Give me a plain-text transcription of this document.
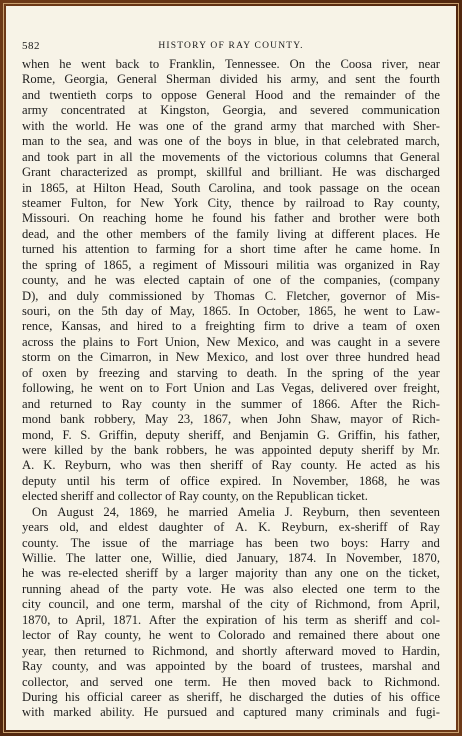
582	HISTORY OF RAY COUNTY.
when he went back to Franklin, Tennessee. On the Coosa river, near
Rome, Georgia, General Sherman divided his army, and sent the fourth
and twentieth corps to oppose General Hood and the remainder of the
army concentrated at Kingston, Georgia, and severed communication
with the world. He was one of the grand army that marched with Sher-
man to the sea, and was one of the boys in blue, in that celebrated march,
and took part in all the movements of the victorious columns that General
Grant characterized as prompt, skillful and brilliant. He was discharged
in 1865, at Hilton Head, South Carolina, and took passage on the ocean
steamer Fulton, for New York City, thence by railroad to Ray county,
Missouri. On reaching home he found his father and brother were both
dead, and the other members of the family living at different places. He
turned his attention to farming for a short time after he came home. In
the spring of 1865, a regiment of Missouri militia was organized in Ray
county, and he was elected captain of one of the companies, (company
D), and duly commissioned by Thomas C. Fletcher, governor of Mis-
souri, on the 5th day of May, 1865. In October, 1865, he went to Law-
rence, Kansas, and hired to a freighting firm to drive a team of oxen
across the plains to Fort Union, New Mexico, and was caught in a severe
storm on the Cimarron, in New Mexico, and lost over three hundred head
of oxen by freezing and starving to death. In the spring of the year
following, he went on to Fort Union and Las Vegas, delivered over freight,
and returned to Ray county in the summer of 1866. After the Rich-
mond bank robbery, May 23, 1867, when John Shaw, mayor of Rich-
mond, F. S. Griffin, deputy sheriff, and Benjamin G. Griffin, his father,
were killed by the bank robbers, he was appointed deputy sheriff by Mr.
A. K. Reyburn, who was then sheriff of Ray county. He acted as his
deputy until his term of office expired. In November, 1868, he was
elected sheriff and collector of Ray county, on the Republican ticket.
On August 24, 1869, he married Amelia J. Reyburn, then seventeen
years old, and eldest daughter of A. K. Reyburn, ex-sheriff of Ray
county. The issue of the marriage has been two boys: Harry and
Willie. The latter one, Willie, died January, 1874. In November, 1870,
he was re-elected sheriff by a larger majority than any one on the ticket,
running ahead of the party vote. He was also elected one term to the
city council, and one term, marshal of the city of Richmond, from April,
1870, to April, 1871. After the expiration of his term as sheriff and col-
lector of Ray county, he went to Colorado and remained there about one
year, then returned to Richmond, and shortly afterward moved to Hardin,
Ray county, and was appointed by the board of trustees, marshal and
collector, and served one term. He then moved back to Richmond.
During his official career as sheriff, he discharged the duties of his office
with marked ability. He pursued and captured many criminals and fugi-
